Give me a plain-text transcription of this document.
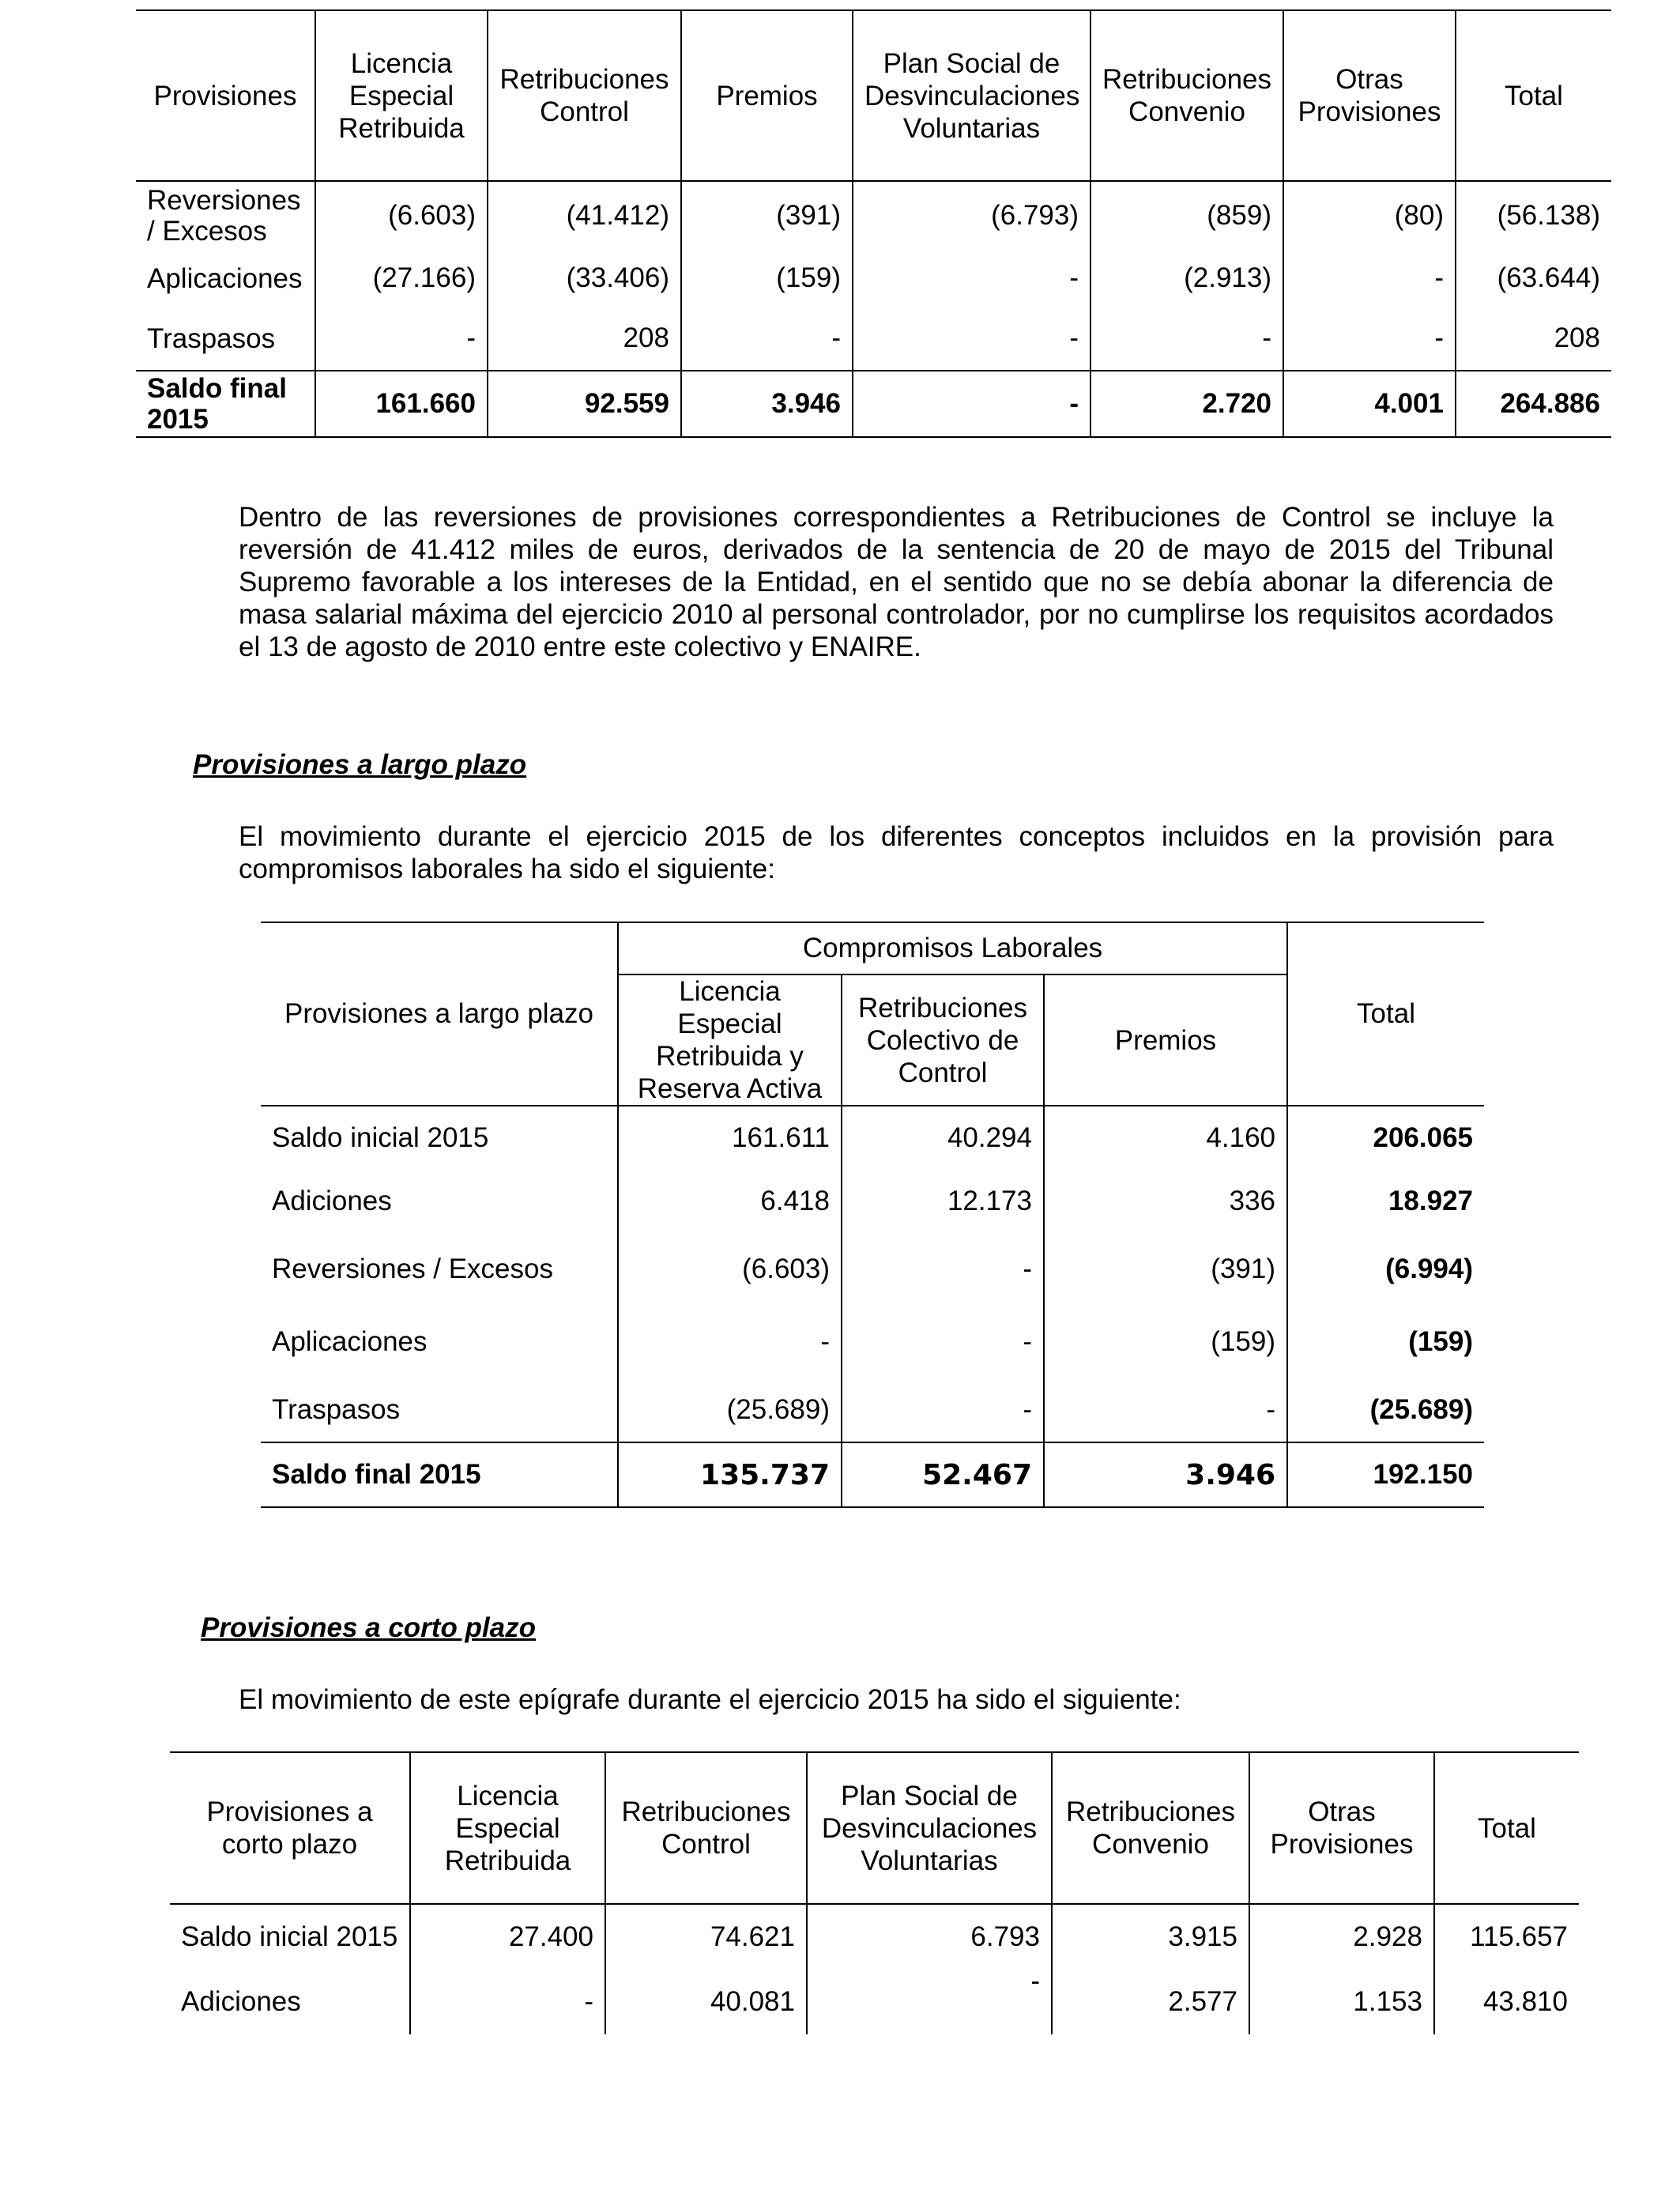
Provisiones	Licencia Especial Retribuida	Retribuciones Control	Premios	Plan Social de Desvinculaciones Voluntarias	Retribuciones Convenio	Otras Provisiones	Total
Reversiones / Excesos	(6.603)	(41.412)	(391)	(6.793)	(859)	(80)	(56.138)
Aplicaciones	(27.166)	(33.406)	(159)	-	(2.913)	-	(63.644)
Traspasos	-	208	-	-	-	-	208
Saldo final 2015	161.660	92.559	3.946	-	2.720	4.001	264.886

Dentro de las reversiones de provisiones correspondientes a Retribuciones de Control se incluye la reversión de 41.412 miles de euros, derivados de la sentencia de 20 de mayo de 2015 del Tribunal Supremo favorable a los intereses de la Entidad, en el sentido que no se debía abonar la diferencia de masa salarial máxima del ejercicio 2010 al personal controlador, por no cumplirse los requisitos acordados el 13 de agosto de 2010 entre este colectivo y ENAIRE.

Provisiones a largo plazo

El movimiento durante el ejercicio 2015 de los diferentes conceptos incluidos en la provisión para compromisos laborales ha sido el siguiente:

Provisiones a largo plazo	Compromisos Laborales			Total
	Licencia Especial Retribuida y Reserva Activa	Retribuciones Colectivo de Control	Premios	
Saldo inicial 2015	161.611	40.294	4.160	206.065
Adiciones	6.418	12.173	336	18.927
Reversiones / Excesos	(6.603)	-	(391)	(6.994)
Aplicaciones	-	-	(159)	(159)
Traspasos	(25.689)	-	-	(25.689)
Saldo final 2015	135.737	52.467	3.946	192.150

Provisiones a corto plazo

El movimiento de este epígrafe durante el ejercicio 2015 ha sido el siguiente:

Provisiones a corto plazo	Licencia Especial Retribuida	Retribuciones Control	Plan Social de Desvinculaciones Voluntarias	Retribuciones Convenio	Otras Provisiones	Total
Saldo inicial 2015	27.400	74.621	6.793	3.915	2.928	115.657
Adiciones	-	40.081	-	2.577	1.153	43.810
